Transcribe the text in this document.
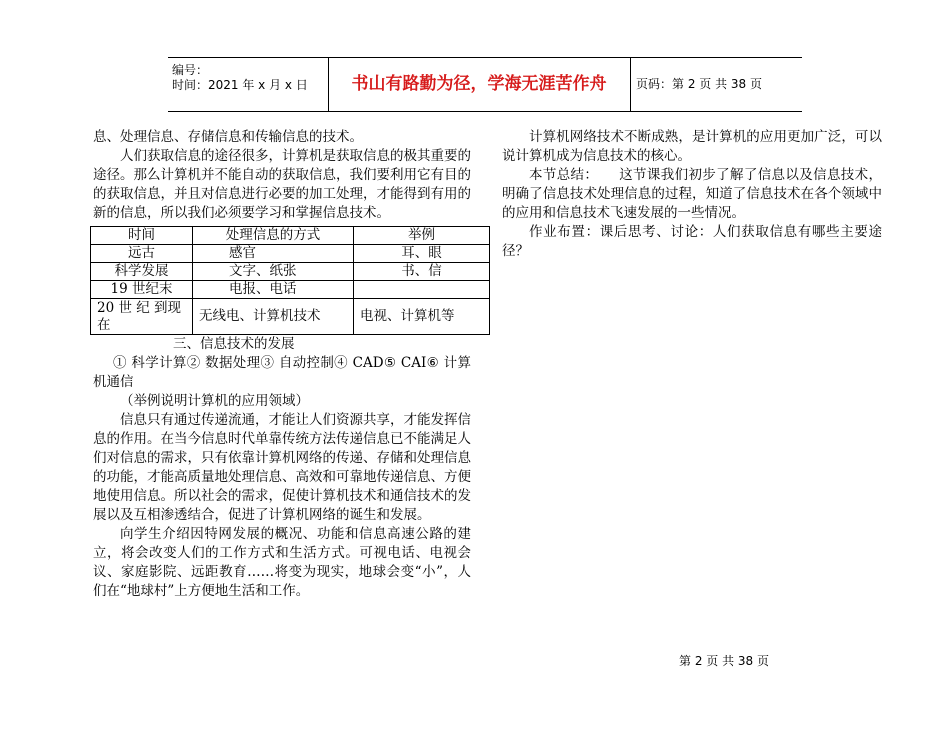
编号：
时间：2021 年 x 月 x 日	书山有路勤为径，学海无涯苦作舟	页码：第 2 页 共 38 页

息、处理信息、存储信息和传输信息的技术。

人们获取信息的途径很多，计算机是获取信息的极其重要的途径。那么计算机并不能自动的获取信息，我们要利用它有目的的获取信息，并且对信息进行必要的加工处理，才能得到有用的新的信息，所以我们必须要学习和掌握信息技术。

时间	处理信息的方式	举例
远古	感官	耳、眼
科学发展	文字、纸张	书、信
19 世纪末	电报、电话	
20 世 纪 到现在	无线电、计算机技术	电视、计算机等

三、信息技术的发展

① 科学计算② 数据处理③ 自动控制④ CAD⑤ CAI⑥ 计算机通信

（举例说明计算机的应用领域）

信息只有通过传递流通，才能让人们资源共享，才能发挥信息的作用。在当今信息时代单靠传统方法传递信息已不能满足人们对信息的需求，只有依靠计算机网络的传递、存储和处理信息的功能，才能高质量地处理信息、高效和可靠地传递信息、方便地使用信息。所以社会的需求，促使计算机技术和通信技术的发展以及互相渗透结合，促进了计算机网络的诞生和发展。

向学生介绍因特网发展的概况、功能和信息高速公路的建立，将会改变人们的工作方式和生活方式。可视电话、电视会议、家庭影院、远距教育……将变为现实，地球会变“小”，人们在“地球村”上方便地生活和工作。

计算机网络技术不断成熟，是计算机的应用更加广泛，可以说计算机成为信息技术的核心。

本节总结：　　这节课我们初步了解了信息以及信息技术，明确了信息技术处理信息的过程，知道了信息技术在各个领域中的应用和信息技术飞速发展的一些情况。

作业布置：课后思考、讨论：人们获取信息有哪些主要途径？

第 2 页 共 38 页
